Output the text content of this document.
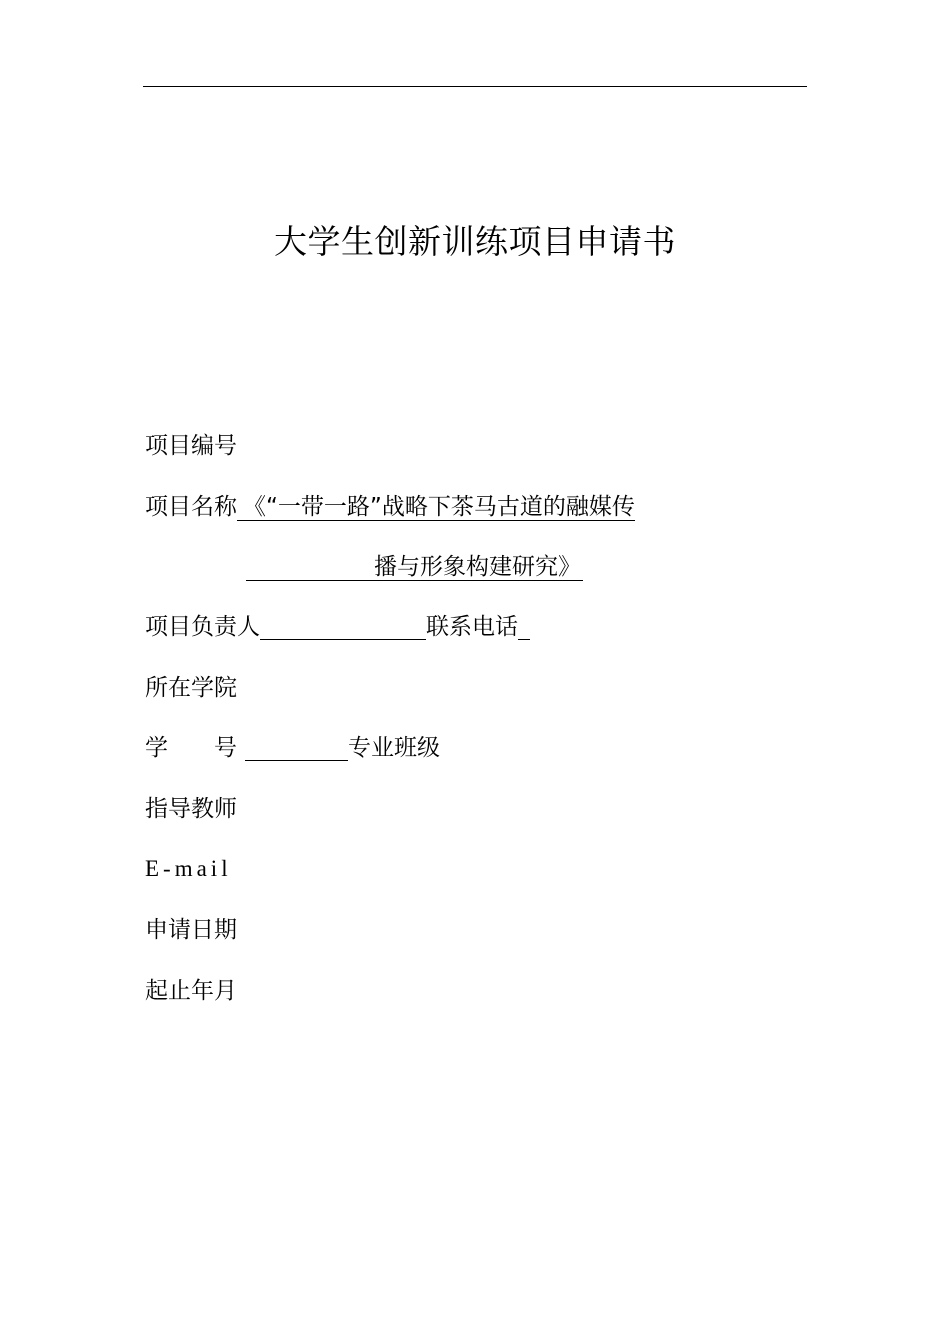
大学生创新训练项目申请书
项目编号
项目名称 《“一带一路”战略下茶马古道的融媒传
播与形象构建研究》
项目负责人	联系电话
所在学院
学　　号	专业班级
指导教师
E-mail
申请日期
起止年月
